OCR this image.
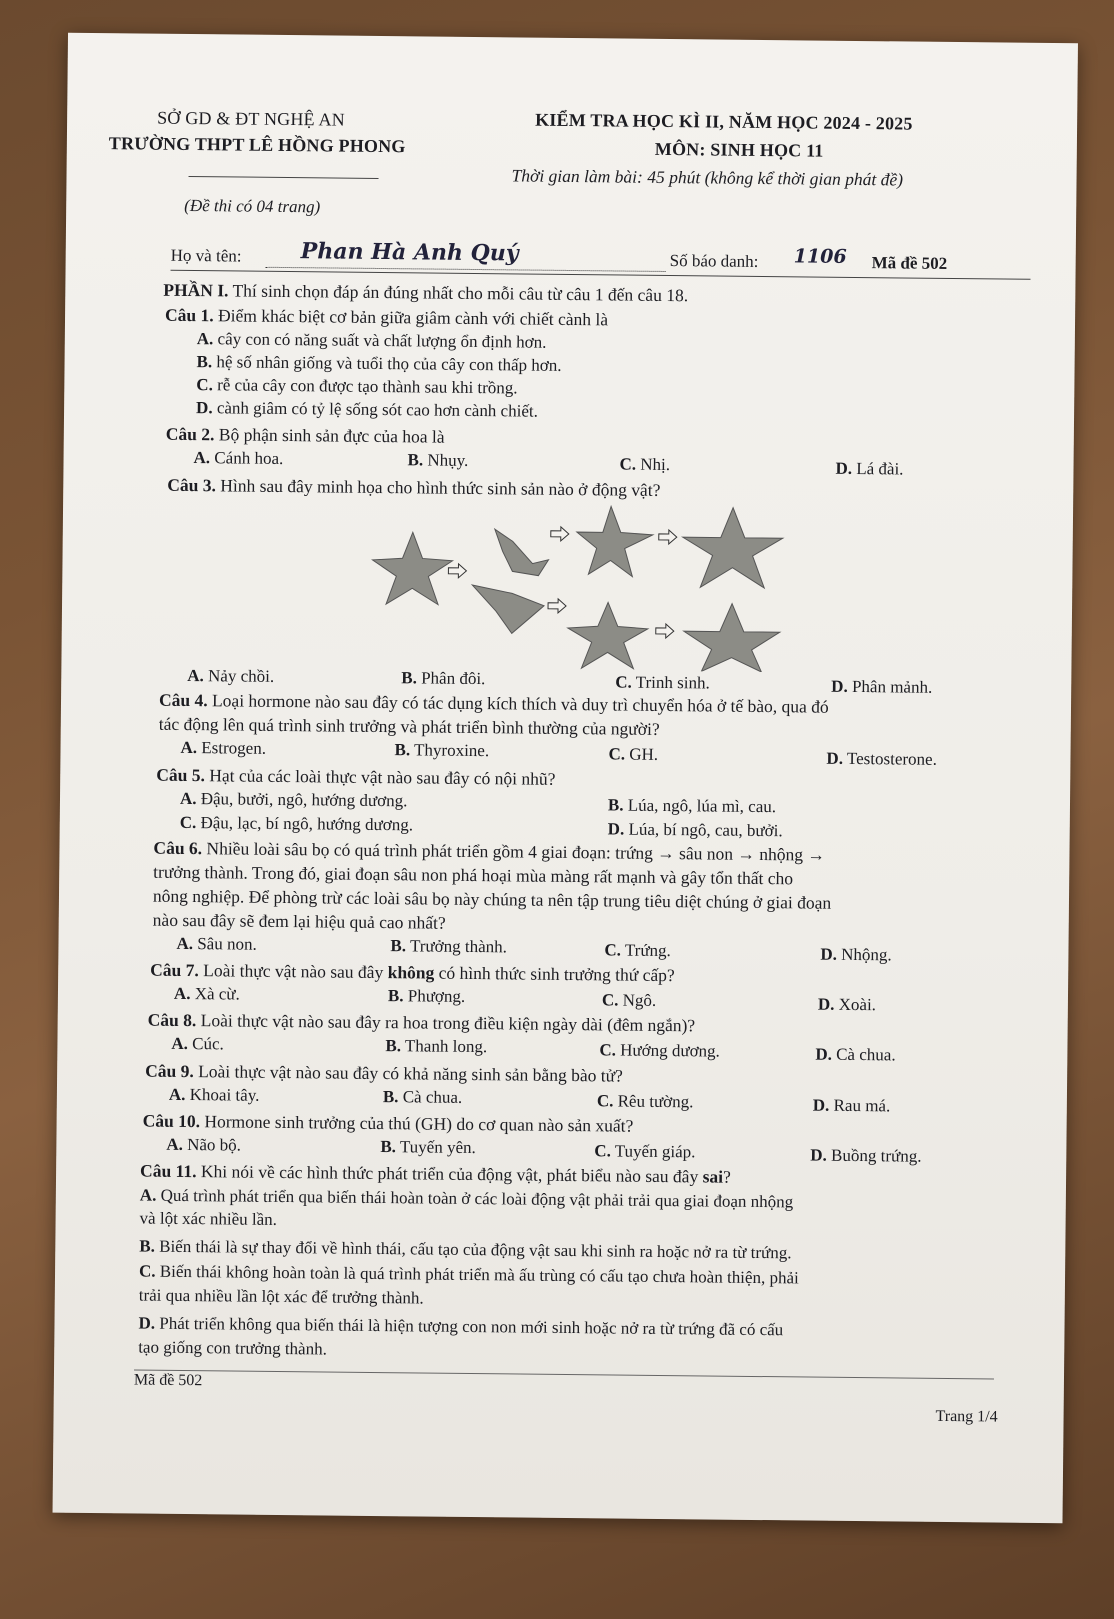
SỞ GD & ĐT NGHỆ AN
TRƯỜNG THPT LÊ HỒNG PHONG
(Đề thi có 04 trang)
KIỂM TRA HỌC KÌ II, NĂM HỌC 2024 - 2025
MÔN: SINH HỌC 11
Thời gian làm bài: 45 phút (không kể thời gian phát đề)
Họ và tên:	Phan Hà Anh Quý	Số báo danh: 1106 Mã đề 502
PHẦN I. Thí sinh chọn đáp án đúng nhất cho mỗi câu từ câu 1 đến câu 18.
Câu 1. Điểm khác biệt cơ bản giữa giâm cành với chiết cành là
A. cây con có năng suất và chất lượng ổn định hơn.
B. hệ số nhân giống và tuổi thọ của cây con thấp hơn.
C. rễ của cây con được tạo thành sau khi trồng.
D. cành giâm có tỷ lệ sống sót cao hơn cành chiết.
Câu 2. Bộ phận sinh sản đực của hoa là
A. Cánh hoa.	B. Nhụy.	C. Nhị.	D. Lá đài.
Câu 3. Hình sau đây minh họa cho hình thức sinh sản nào ở động vật?
A. Nảy chồi.	B. Phân đôi.	C. Trinh sinh.	D. Phân mảnh.
Câu 4. Loại hormone nào sau đây có tác dụng kích thích và duy trì chuyển hóa ở tế bào, qua đó
tác động lên quá trình sinh trưởng và phát triển bình thường của người?
A. Estrogen.	B. Thyroxine.	C. GH.	D. Testosterone.
Câu 5. Hạt của các loài thực vật nào sau đây có nội nhũ?
A. Đậu, bưởi, ngô, hướng dương.	B. Lúa, ngô, lúa mì, cau.
C. Đậu, lạc, bí ngô, hướng dương.	D. Lúa, bí ngô, cau, bưởi.
Câu 6. Nhiều loài sâu bọ có quá trình phát triển gồm 4 giai đoạn: trứng → sâu non → nhộng →
trưởng thành. Trong đó, giai đoạn sâu non phá hoại mùa màng rất mạnh và gây tổn thất cho
nông nghiệp. Để phòng trừ các loài sâu bọ này chúng ta nên tập trung tiêu diệt chúng ở giai đoạn
nào sau đây sẽ đem lại hiệu quả cao nhất?
A. Sâu non.	B. Trưởng thành.	C. Trứng.	D. Nhộng.
Câu 7. Loài thực vật nào sau đây không có hình thức sinh trưởng thứ cấp?
A. Xà cừ.	B. Phượng.	C. Ngô.	D. Xoài.
Câu 8. Loài thực vật nào sau đây ra hoa trong điều kiện ngày dài (đêm ngắn)?
A. Cúc.	B. Thanh long.	C. Hướng dương.	D. Cà chua.
Câu 9. Loài thực vật nào sau đây có khả năng sinh sản bằng bào tử?
A. Khoai tây.	B. Cà chua.	C. Rêu tường.	D. Rau má.
Câu 10. Hormone sinh trưởng của thú (GH) do cơ quan nào sản xuất?
A. Não bộ.	B. Tuyến yên.	C. Tuyến giáp.	D. Buồng trứng.
Câu 11. Khi nói về các hình thức phát triển của động vật, phát biểu nào sau đây sai?
A. Quá trình phát triển qua biến thái hoàn toàn ở các loài động vật phải trải qua giai đoạn nhộng
và lột xác nhiều lần.
B. Biến thái là sự thay đổi về hình thái, cấu tạo của động vật sau khi sinh ra hoặc nở ra từ trứng.
C. Biến thái không hoàn toàn là quá trình phát triển mà ấu trùng có cấu tạo chưa hoàn thiện, phải
trải qua nhiều lần lột xác để trưởng thành.
D. Phát triển không qua biến thái là hiện tượng con non mới sinh hoặc nở ra từ trứng đã có cấu
tạo giống con trưởng thành.
Mã đề 502
Trang 1/4
